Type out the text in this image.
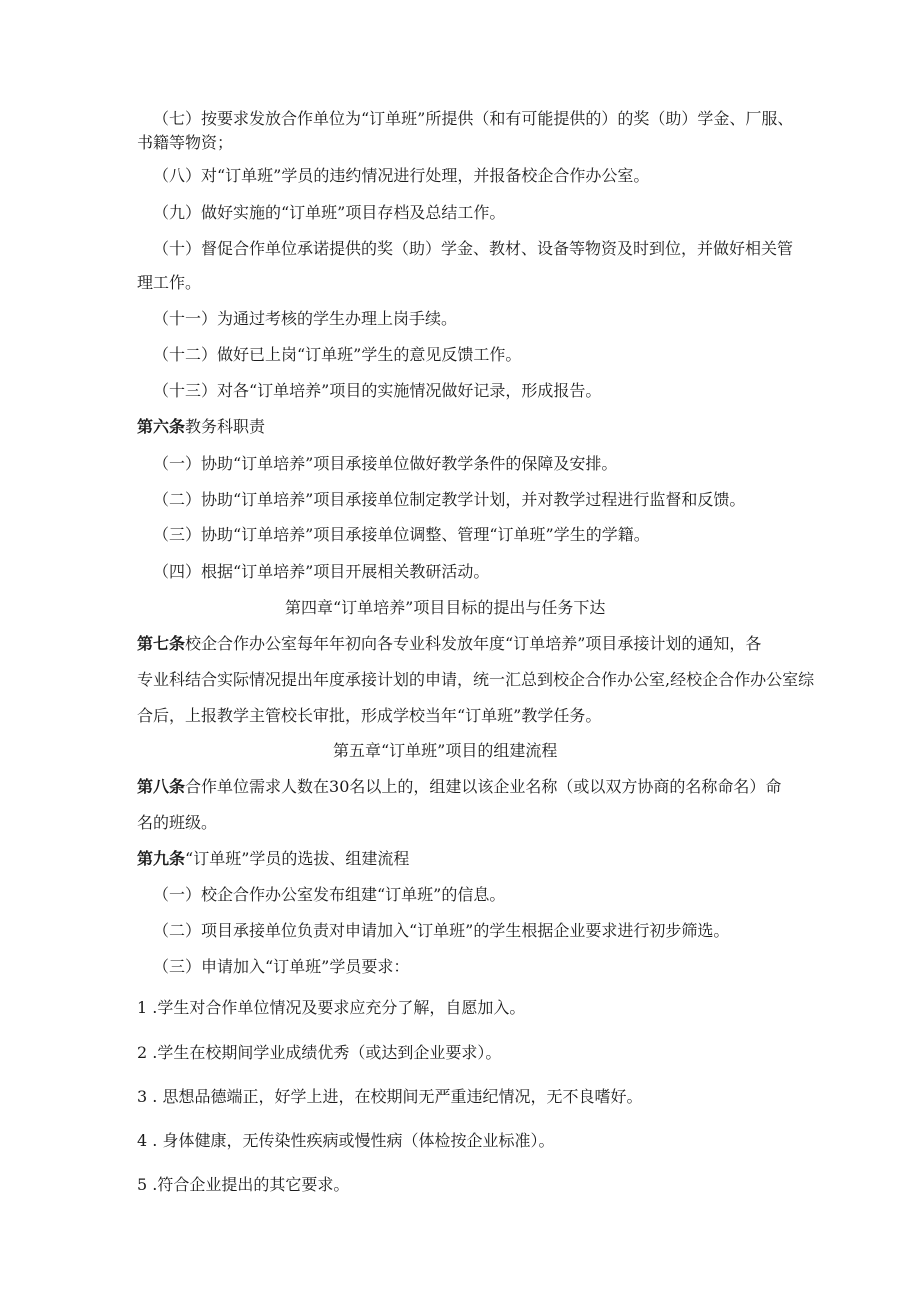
（七）按要求发放合作单位为“订单班”所提供（和有可能提供的）的奖（助）学金、厂服、
书籍等物资；
（八）对“订单班”学员的违约情况进行处理，并报备校企合作办公室。
（九）做好实施的“订单班”项目存档及总结工作。
（十）督促合作单位承诺提供的奖（助）学金、教材、设备等物资及时到位，并做好相关管
理工作。
（十一）为通过考核的学生办理上岗手续。
（十二）做好已上岗“订单班”学生的意见反馈工作。
（十三）对各“订单培养”项目的实施情况做好记录，形成报告。
第六条教务科职责
（一）协助“订单培养”项目承接单位做好教学条件的保障及安排。
（二）协助“订单培养”项目承接单位制定教学计划，并对教学过程进行监督和反馈。
（三）协助“订单培养”项目承接单位调整、管理“订单班”学生的学籍。
（四）根据“订单培养”项目开展相关教研活动。
第四章“订单培养”项目目标的提出与任务下达
第七条校企合作办公室每年年初向各专业科发放年度“订单培养”项目承接计划的通知，各
专业科结合实际情况提出年度承接计划的申请，统一汇总到校企合作办公室,经校企合作办公室综
合后，上报教学主管校长审批，形成学校当年“订单班”教学任务。
第五章“订单班”项目的组建流程
第八条合作单位需求人数在30名以上的，组建以该企业名称（或以双方协商的名称命名）命
名的班级。
第九条“订单班”学员的选拔、组建流程
（一）校企合作办公室发布组建“订单班”的信息。
（二）项目承接单位负责对申请加入“订单班”的学生根据企业要求进行初步筛选。
（三）申请加入“订单班”学员要求：
1 .学生对合作单位情况及要求应充分了解，自愿加入。
2 .学生在校期间学业成绩优秀（或达到企业要求）。
3 . 思想品德端正，好学上进，在校期间无严重违纪情况，无不良嗜好。
4 . 身体健康，无传染性疾病或慢性病（体检按企业标准）。
5 .符合企业提出的其它要求。
